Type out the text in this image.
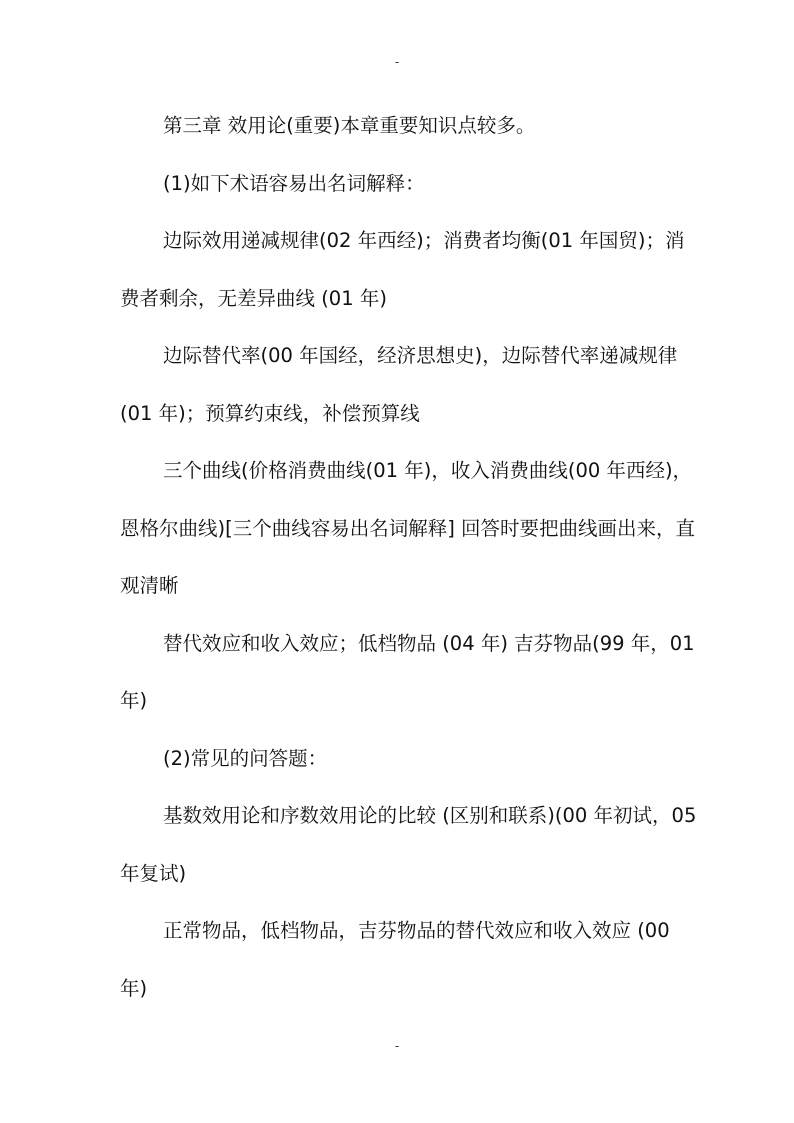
-

第三章 效用论(重要)本章重要知识点较多。

(1)如下术语容易出名词解释：

边际效用递减规律(02 年西经)；消费者均衡(01 年国贸)；消费者剩余，无差异曲线 (01 年)

边际替代率(00 年国经，经济思想史)，边际替代率递减规律(01 年)；预算约束线，补偿预算线

三个曲线(价格消费曲线(01 年)，收入消费曲线(00 年西经)，恩格尔曲线)[三个曲线容易出名词解释] 回答时要把曲线画出来，直观清晰

替代效应和收入效应；低档物品 (04 年) 吉芬物品(99 年，01 年)

(2)常见的问答题：

基数效用论和序数效用论的比较 (区别和联系)(00 年初试，05 年复试)

正常物品，低档物品，吉芬物品的替代效应和收入效应 (00 年)

-
